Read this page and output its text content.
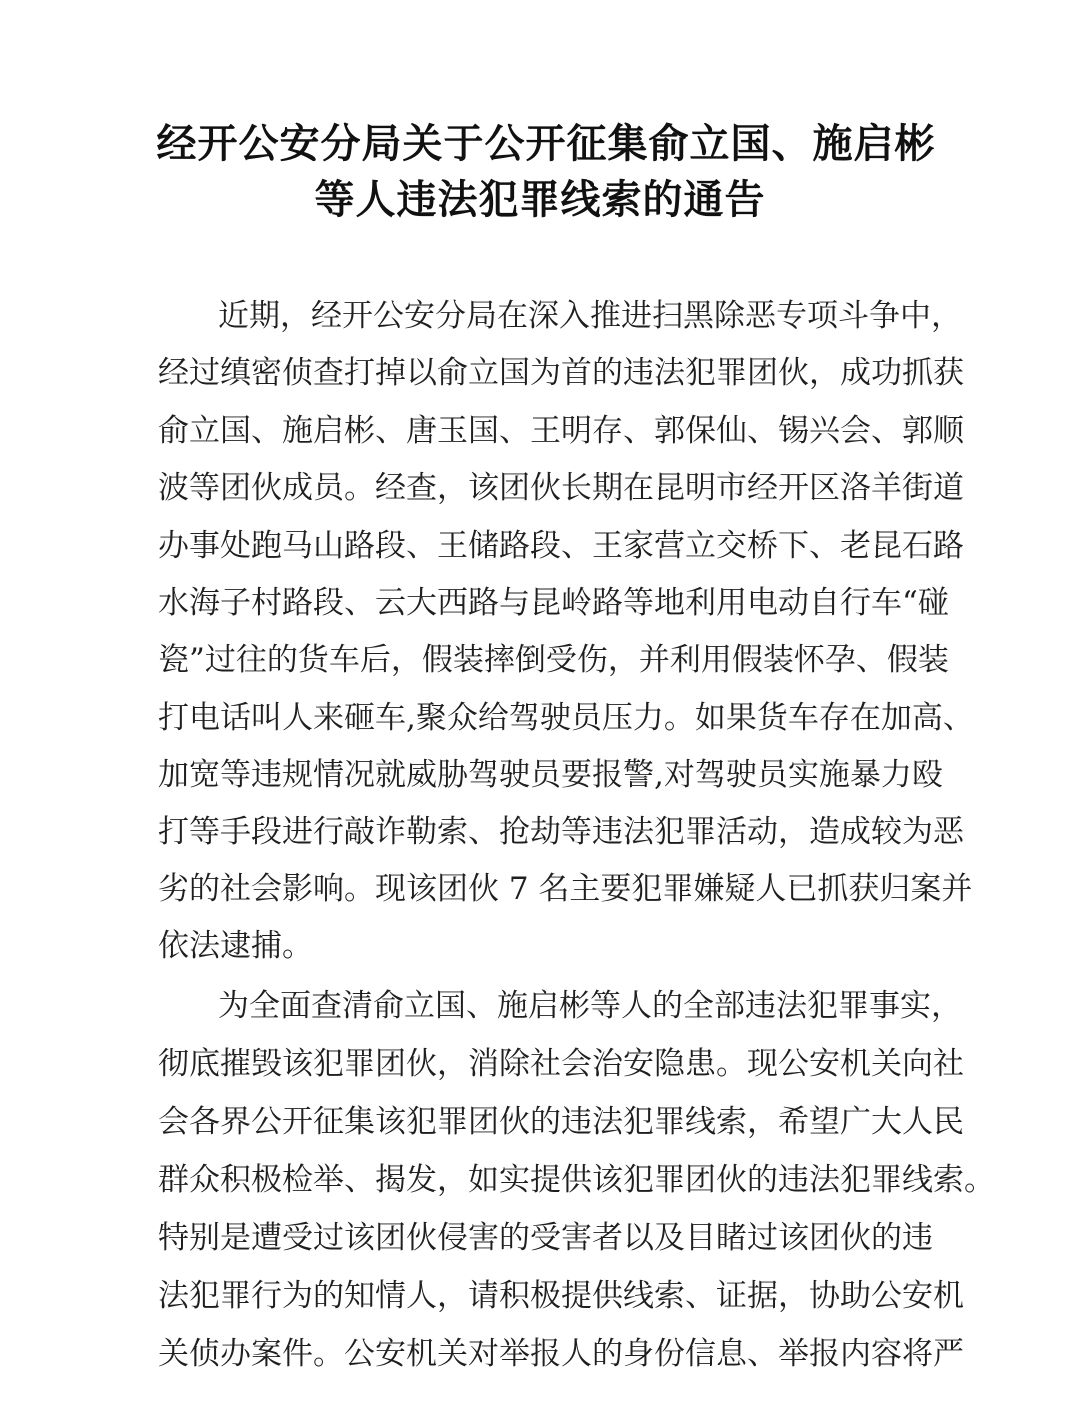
经开公安分局关于公开征集俞立国、施启彬
等人违法犯罪线索的通告
近期，经开公安分局在深入推进扫黑除恶专项斗争中，
经过缜密侦查打掉以俞立国为首的违法犯罪团伙，成功抓获
俞立国、施启彬、唐玉国、王明存、郭保仙、锡兴会、郭顺
波等团伙成员。经查，该团伙长期在昆明市经开区洛羊街道
办事处跑马山路段、王储路段、王家营立交桥下、老昆石路
水海子村路段、云大西路与昆岭路等地利用电动自行车“碰
瓷”过往的货车后，假装摔倒受伤，并利用假装怀孕、假装
打电话叫人来砸车,聚众给驾驶员压力。如果货车存在加高、
加宽等违规情况就威胁驾驶员要报警,对驾驶员实施暴力殴
打等手段进行敲诈勒索、抢劫等违法犯罪活动，造成较为恶
劣的社会影响。现该团伙 7 名主要犯罪嫌疑人已抓获归案并
依法逮捕。
为全面查清俞立国、施启彬等人的全部违法犯罪事实，
彻底摧毁该犯罪团伙，消除社会治安隐患。现公安机关向社
会各界公开征集该犯罪团伙的违法犯罪线索，希望广大人民
群众积极检举、揭发，如实提供该犯罪团伙的违法犯罪线索。
特别是遭受过该团伙侵害的受害者以及目睹过该团伙的违
法犯罪行为的知情人，请积极提供线索、证据，协助公安机
关侦办案件。公安机关对举报人的身份信息、举报内容将严
